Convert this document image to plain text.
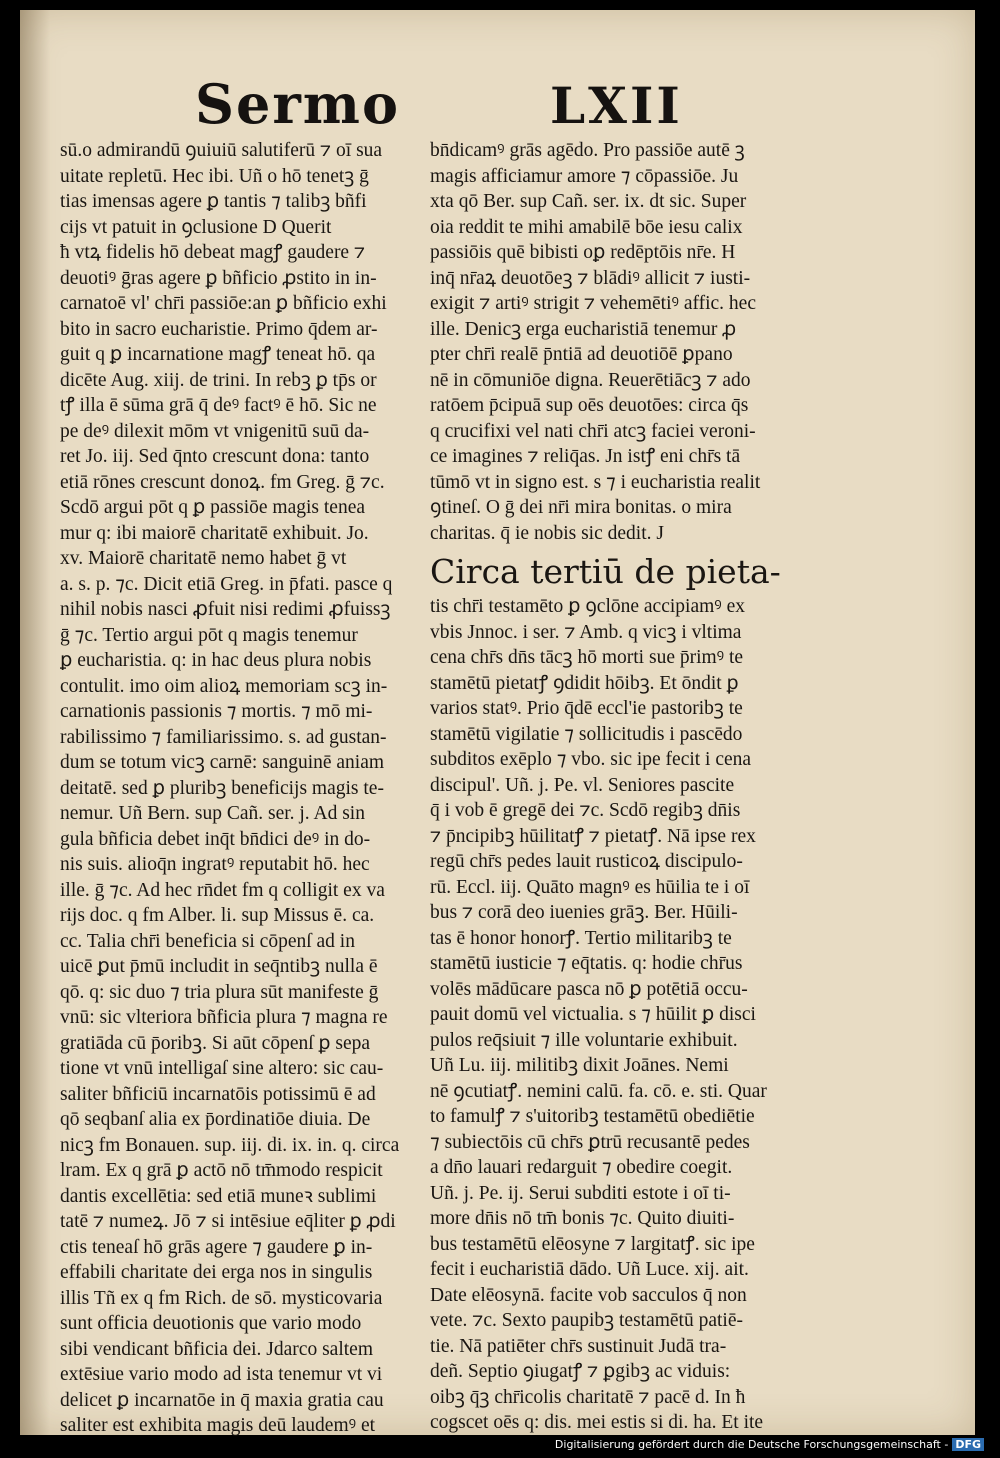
Sermo	LXII
sū.o admirandū ꝯuiuiū salutiferū ⁊ oī sua
uitate repletū. Hec ibi. Uñ o hō tenetꝫ ḡ
tias imensas agere ꝑ tantis ⁊ talibꝫ bñfi
cijs vt patuit in ꝯclusione D Querit
ħ vtꝝ fidelis hō debeat magꝭ gaudere ⁊
deuotiꝰ ḡras agere ꝑ bñficio ꝓstito in in-
carnatoē vl' chr̄i passiōe:an ꝑ bñficio exhi
bito in sacro eucharistie. Primo q̄dem ar-
guit q ꝑ incarnatione magꝭ teneat hō. qa
dicēte Aug. xiij. de trini. In rebꝫ ꝑ tp̄s or
tꝭ illa ē sūma grā q̄ deꝰ factꝰ ē hō. Sic ne
pe deꝰ dilexit mōm vt vnigenitū suū da-
ret Jo. iij. Sed q̄nto crescunt dona: tanto
etiā rōnes crescunt donoꝝ. fm Greg. ḡ ⁊c.
Scdō argui pōt q ꝑ passiōe magis tenea
mur q: ibi maiorē charitatē exhibuit. Jo.
xv. Maiorē charitatē nemo habet ḡ vt
a. s. p. ⁊c. Dicit etiā Greg. in p̄fati. pasce q
nihil nobis nasci ꝓfuit nisi redimi ꝓfuissꝫ
ḡ ⁊c. Tertio argui pōt q magis tenemur
ꝑ eucharistia. q: in hac deus plura nobis
contulit. imo oim alioꝝ memoriam scꝫ in-
carnationis passionis ⁊ mortis. ⁊ mō mi-
rabilissimo ⁊ familiarissimo. s. ad gustan-
dum se totum vicꝫ carnē: sanguinē aniam
deitatē. sed ꝑ pluribꝫ beneficijs magis te-
nemur. Uñ Bern. sup Cañ. ser. j. Ad sin
gula bñficia debet inq̄t bn̄dici deꝰ in do-
nis suis. alioq̄n ingratꝰ reputabit hō. hec
ille. ḡ ⁊c. Ad hec rn̄det fm q colligit ex va
rijs doc. q fm Alber. li. sup Missus ē. ca.
cc. Talia chr̄i beneficia si cōpenſ ad in
uicē ꝑut p̄mū includit in seq̄ntibꝫ nulla ē
qō. q: sic duo ⁊ tria plura sūt manifeste ḡ
vnū: sic vlteriora bñficia plura ⁊ magna re
gratiāda cū p̄oribꝫ. Si aūt cōpenſ ꝑ sepa
tione vt vnū intelligaſ sine altero: sic cau-
saliter bñficiū incarnatōis potissimū ē ad
qō seqbanſ alia ex p̄ordinatiōe diuia. De
nicꝫ fm Bonauen. sup. iij. di. ix. in. q. circa
lram. Ex q grā ꝑ actō nō tm̄modo respicit
dantis excellētia: sed etiā muneꝛ sublimi
tatē ⁊ numeꝝ. Jō ⁊ si intēsiue eq̄liter ꝑ ꝓdi
ctis teneaſ hō grās agere ⁊ gaudere ꝑ in-
effabili charitate dei erga nos in singulis
illis Tñ ex q fm Rich. de sō. mysticovaria
sunt officia deuotionis que vario modo
sibi vendicant bñficia dei. Jdarco saltem
extēsiue vario modo ad ista tenemur vt vi
delicet ꝑ incarnatōe in q̄ maxia gratia cau
saliter est exhibita magis deū laudemꝰ et
bn̄dicamꝰ grās agēdo. Pro passiōe autē ꝫ
magis afficiamur amore ⁊ cōpassiōe. Ju
xta qō Ber. sup Cañ. ser. ix. dt sic. Super
oia reddit te mihi amabilē bōe iesu calix
passiōis quē bibisti oꝑ redēptōis nr̄e. H
inq̄ nr̄aꝝ deuotōeꝫ ⁊ blādiꝰ allicit ⁊ iusti-
exigit ⁊ artiꝰ strigit ⁊ vehemētiꝰ affic. hec
ille. Denicꝫ erga eucharistiā tenemur ꝓ
pter chr̄i realē p̄ntiā ad deuotiōē ꝑpano
nē in cōmuniōe digna. Reuerētiācꝫ ⁊ ado
ratōem p̄cipuā sup oēs deuotōes: circa q̄s
q crucifixi vel nati chr̄i atcꝫ faciei veroni-
ce imagines ⁊ reliq̄as. Jn istꝭ eni chr̄s tā
tūmō vt in signo est. s ⁊ i eucharistia realit
ꝯtineſ. O ḡ dei nr̄i mira bonitas. o mira
charitas. q̄ ie nobis sic dedit. J
Circa tertiū de pieta-
tis chr̄i testamēto ꝑ ꝯclōne accipiamꝰ ex
vbis Jnnoc. i ser. ⁊ Amb. q vicꝫ i vltima
cena chr̄s dn̄s tācꝫ hō morti sue p̄rimꝰ te
stamētū pietatꝭ ꝯdidit hōibꝫ. Et ōndit ꝑ
varios statꝰ. Prio q̄dē eccl'ie pastoribꝫ te
stamētū vigilatie ⁊ sollicitudis i pascēdo
subditos exēplo ⁊ vbo. sic ipe fecit i cena
discipul'. Uñ. j. Pe. vl. Seniores pascite
q̄ i vob ē gregē dei ⁊c. Scdō regibꝫ dn̄is
⁊ p̄ncipibꝫ hūilitatꝭ ⁊ pietatꝭ. Nā ipse rex
regū chr̄s pedes lauit rusticoꝝ discipulo-
rū. Eccl. iij. Quāto magnꝰ es hūilia te i oī
bus ⁊ corā deo iuenies grāꝫ. Ber. Hūili-
tas ē honor honorꝭ. Tertio militaribꝫ te
stamētū iusticie ⁊ eq̄tatis. q: hodie chr̄us
volēs mādūcare pasca nō ꝑ potētiā occu-
pauit domū vel victualia. s ⁊ hūilit ꝑ disci
pulos req̄siuit ⁊ ille voluntarie exhibuit.
Uñ Lu. iij. militibꝫ dixit Joānes. Nemi
nē ꝯcutiatꝭ. nemini calū. fa. cō. e. sti. Quar
to famulꝭ ⁊ s'uitoribꝫ testamētū obediētie
⁊ subiectōis cū chr̄s ꝑtrū recusantē pedes
a dn̄o lauari redarguit ⁊ obedire coegit.
Uñ. j. Pe. ij. Serui subditi estote i oī ti-
more dn̄is nō tm̄ bonis ⁊c. Quito diuiti-
bus testamētū elēosyne ⁊ largitatꝭ. sic ipe
fecit i eucharistiā dādo. Uñ Luce. xij. ait.
Date elēosynā. facite vob sacculos q̄ non
vete. ⁊c. Sexto paupibꝫ testamētū patiē-
tie. Nā patiēter chr̄s sustinuit Judā tra-
deñ. Septio ꝯiugatꝭ ⁊ ꝑgibꝫ ac viduis:
oibꝫ q̄ꝫ chr̄icolis charitatē ⁊ pacē d. In ħ
cogscet oēs q: dis. mei estis si di. ha. Et ite
Digitalisierung gefördert durch die Deutsche Forschungsgemeinschaft - DFG
